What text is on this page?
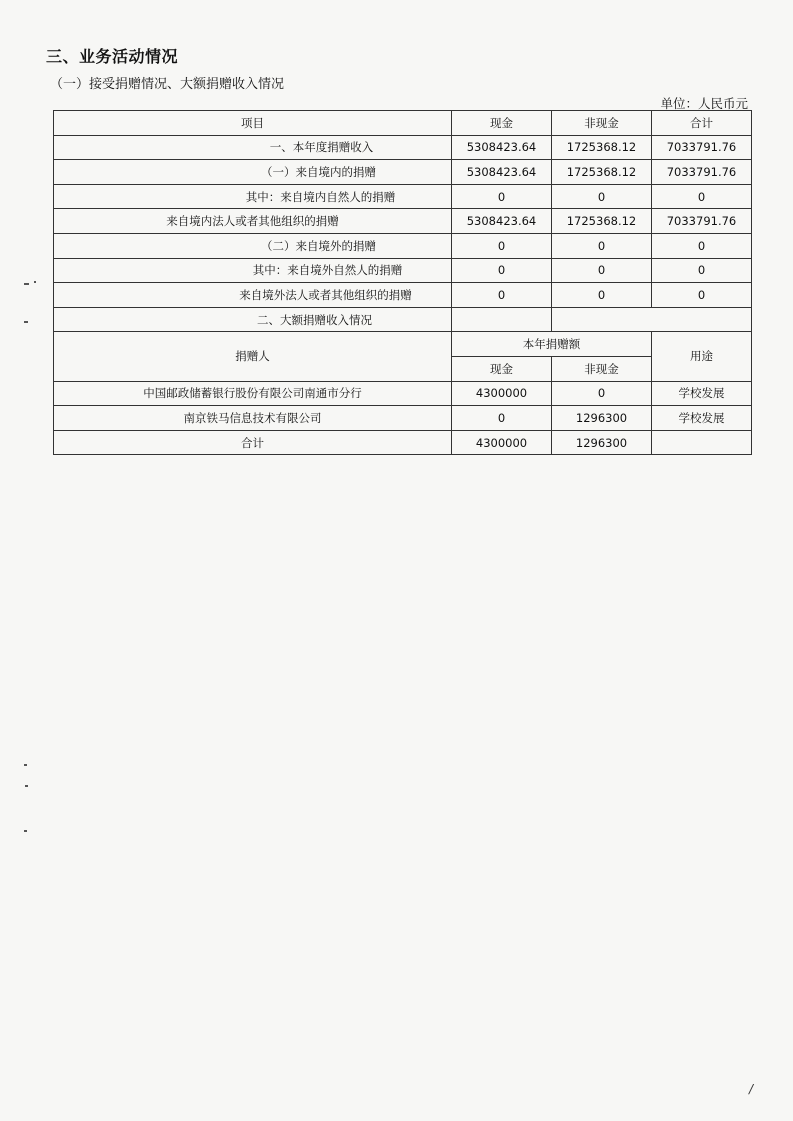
三、业务活动情况
（一）接受捐赠情况、大额捐赠收入情况
单位：人民币元
项目	现金	非现金	合计
一、本年度捐赠收入	5308423.64	1725368.12	7033791.76
（一）来自境内的捐赠	5308423.64	1725368.12	7033791.76
其中：来自境内自然人的捐赠	0	0	0
来自境内法人或者其他组织的捐赠	5308423.64	1725368.12	7033791.76
（二）来自境外的捐赠	0	0	0
其中：来自境外自然人的捐赠	0	0	0
来自境外法人或者其他组织的捐赠	0	0	0
二、大额捐赠收入情况			
捐赠人	本年捐赠额		用途
	现金	非现金	
中国邮政储蓄银行股份有限公司南通市分行	4300000	0	学校发展
南京铁马信息技术有限公司	0	1296300	学校发展
合计	4300000	1296300	
/
